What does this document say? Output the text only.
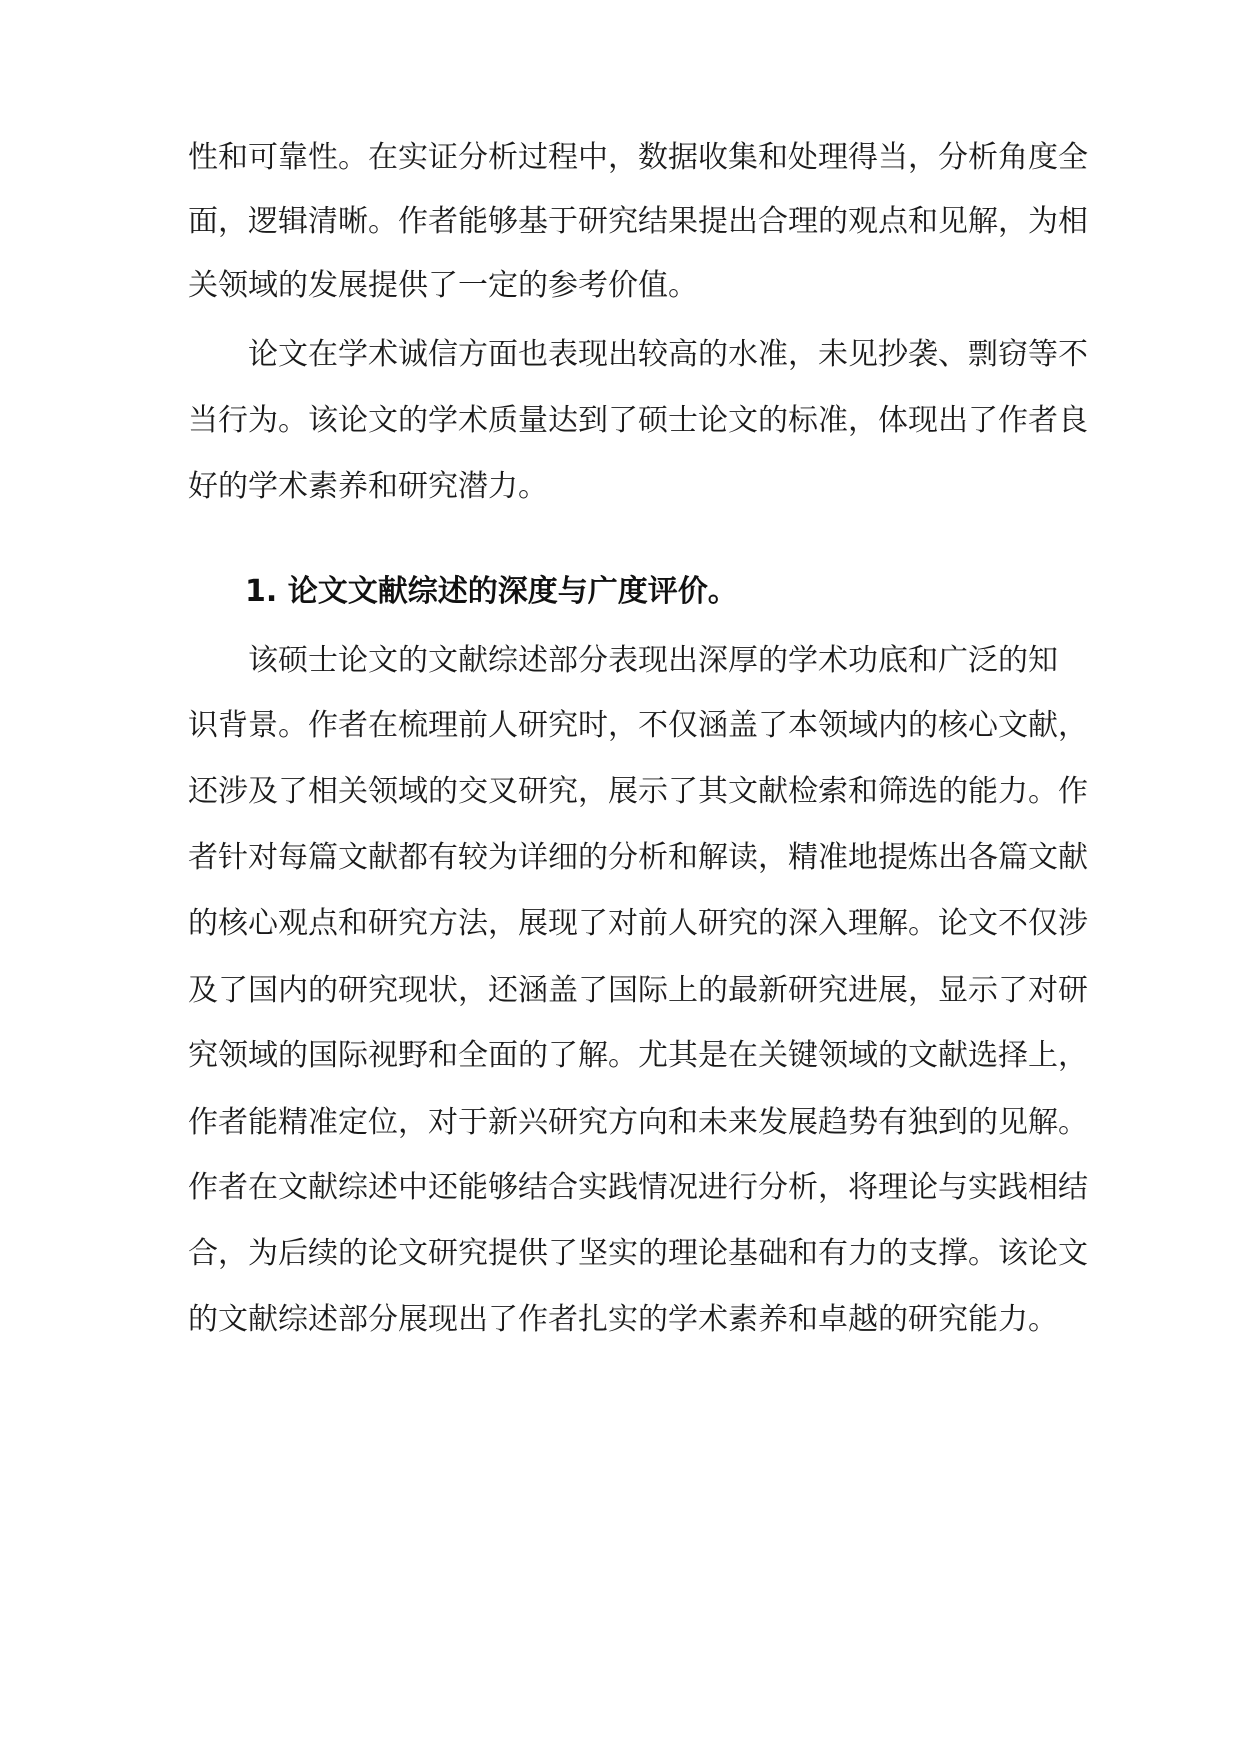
性和可靠性。在实证分析过程中，数据收集和处理得当，分析角度全
面，逻辑清晰。作者能够基于研究结果提出合理的观点和见解，为相
关领域的发展提供了一定的参考价值。
论文在学术诚信方面也表现出较高的水准，未见抄袭、剽窃等不
当行为。该论文的学术质量达到了硕士论文的标准，体现出了作者良
好的学术素养和研究潜力。
1. 论文文献综述的深度与广度评价。
该硕士论文的文献综述部分表现出深厚的学术功底和广泛的知
识背景。作者在梳理前人研究时，不仅涵盖了本领域内的核心文献，
还涉及了相关领域的交叉研究，展示了其文献检索和筛选的能力。作
者针对每篇文献都有较为详细的分析和解读，精准地提炼出各篇文献
的核心观点和研究方法，展现了对前人研究的深入理解。论文不仅涉
及了国内的研究现状，还涵盖了国际上的最新研究进展，显示了对研
究领域的国际视野和全面的了解。尤其是在关键领域的文献选择上，
作者能精准定位，对于新兴研究方向和未来发展趋势有独到的见解。
作者在文献综述中还能够结合实践情况进行分析，将理论与实践相结
合，为后续的论文研究提供了坚实的理论基础和有力的支撑。该论文
的文献综述部分展现出了作者扎实的学术素养和卓越的研究能力。
